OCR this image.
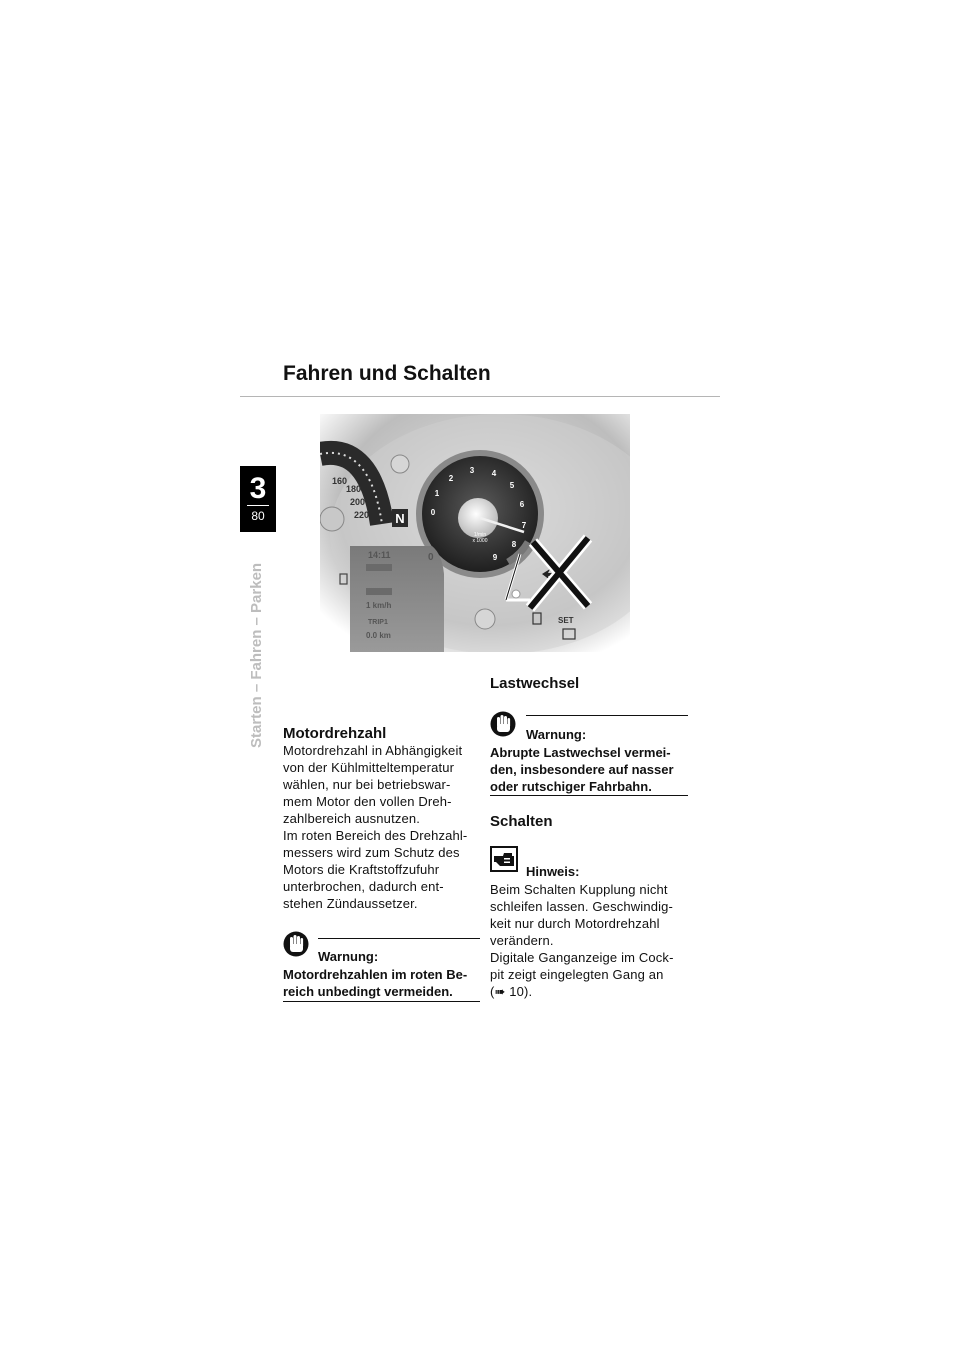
Fahren und Schalten
3
80
Starten – Fahren – Parken
160
180
200
220 N	0
1
2
3 4
5
6
7
8
9
1/min
x 1000
14:11	0
1 km/h
TRIP1
0.0 km
SET
Motordrehzahl
Motordrehzahl in Abhängigkeit
von der Kühlmitteltemperatur
wählen, nur bei betriebswar-
mem Motor den vollen Dreh-
zahlbereich ausnutzen.
Im roten Bereich des Drehzahl-
messers wird zum Schutz des
Motors die Kraftstoffzufuhr
unterbrochen, dadurch ent-
stehen Zündaussetzer.
Warnung:
Motordrehzahlen im roten Be-
reich unbedingt vermeiden.
Lastwechsel
Warnung:
Abrupte Lastwechsel vermei-
den, insbesondere auf nasser
oder rutschiger Fahrbahn.
Schalten
Hinweis:
Beim Schalten Kupplung nicht
schleifen lassen. Geschwindig-
keit nur durch Motordrehzahl
verändern.
Digitale Ganganzeige im Cock-
pit zeigt eingelegten Gang an
(➠ 10).
